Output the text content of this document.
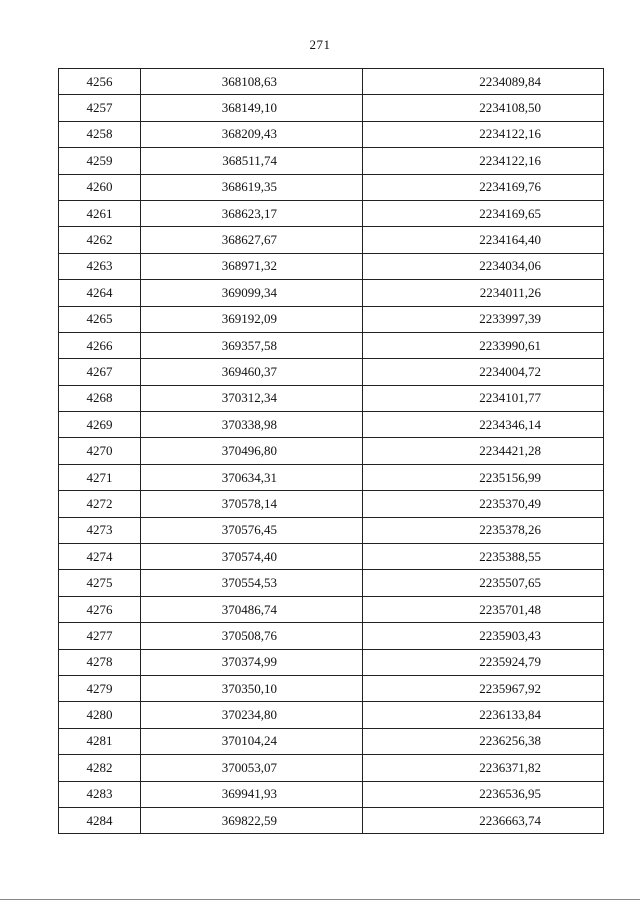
271
4256	368108,63	2234089,84
4257	368149,10	2234108,50
4258	368209,43	2234122,16
4259	368511,74	2234122,16
4260	368619,35	2234169,76
4261	368623,17	2234169,65
4262	368627,67	2234164,40
4263	368971,32	2234034,06
4264	369099,34	2234011,26
4265	369192,09	2233997,39
4266	369357,58	2233990,61
4267	369460,37	2234004,72
4268	370312,34	2234101,77
4269	370338,98	2234346,14
4270	370496,80	2234421,28
4271	370634,31	2235156,99
4272	370578,14	2235370,49
4273	370576,45	2235378,26
4274	370574,40	2235388,55
4275	370554,53	2235507,65
4276	370486,74	2235701,48
4277	370508,76	2235903,43
4278	370374,99	2235924,79
4279	370350,10	2235967,92
4280	370234,80	2236133,84
4281	370104,24	2236256,38
4282	370053,07	2236371,82
4283	369941,93	2236536,95
4284	369822,59	2236663,74
